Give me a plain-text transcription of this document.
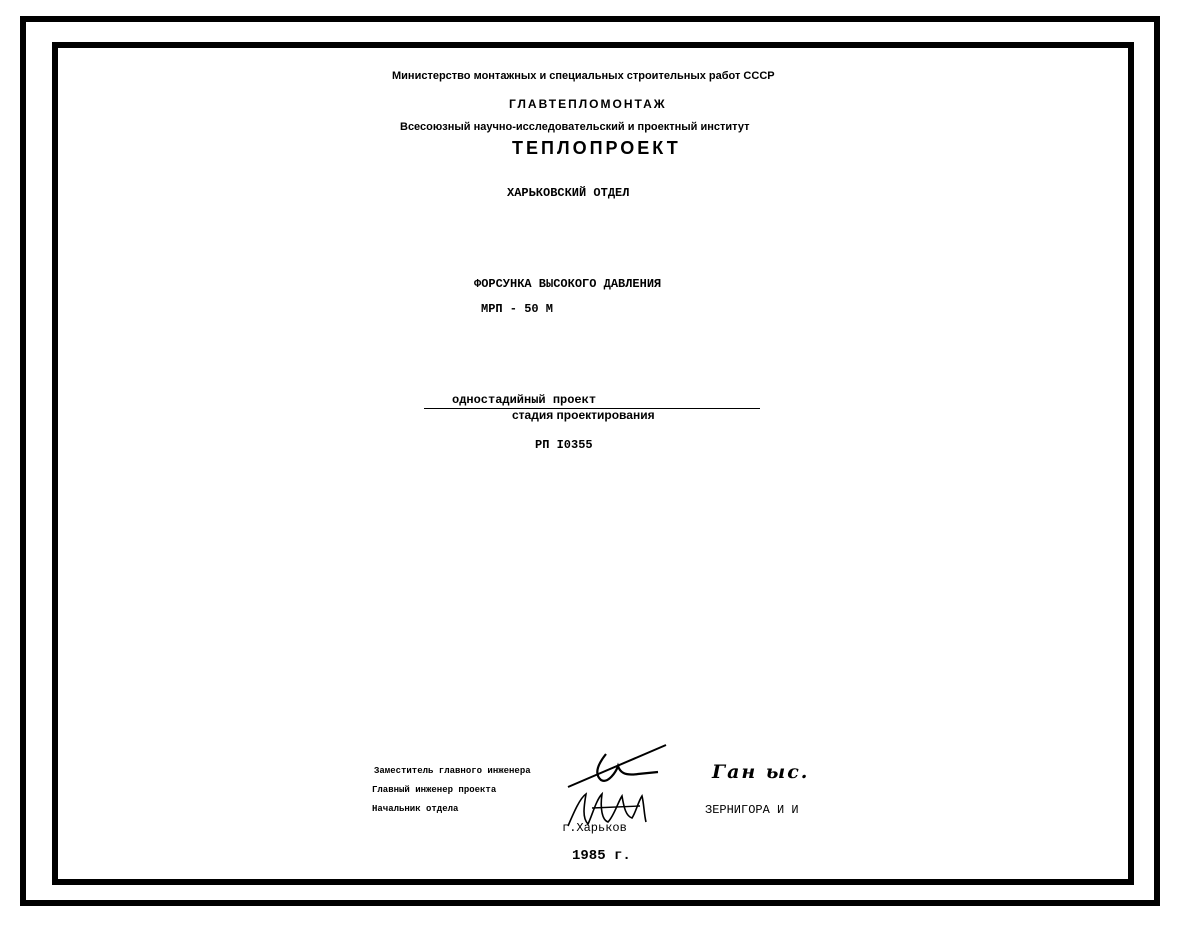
Министерство монтажных и специальных строительных работ СССР
ГЛАВТЕПЛОМОНТАЖ
Всесоюзный научно-исследовательский и проектный институт
ТЕПЛОПРОЕКТ
ХАРЬКОВСКИЙ ОТДЕЛ
ФОРСУНКА ВЫСОКОГО ДАВЛЕНИЯ
МРП - 50 М
одностадийный проект
стадия проектирования
РП I0355
Заместитель главного инженера
Главный инженер проекта
Начальник отдела
Ган ыс.
ЗЕРНИГОРА И И
г.Харьков
1985 г.
